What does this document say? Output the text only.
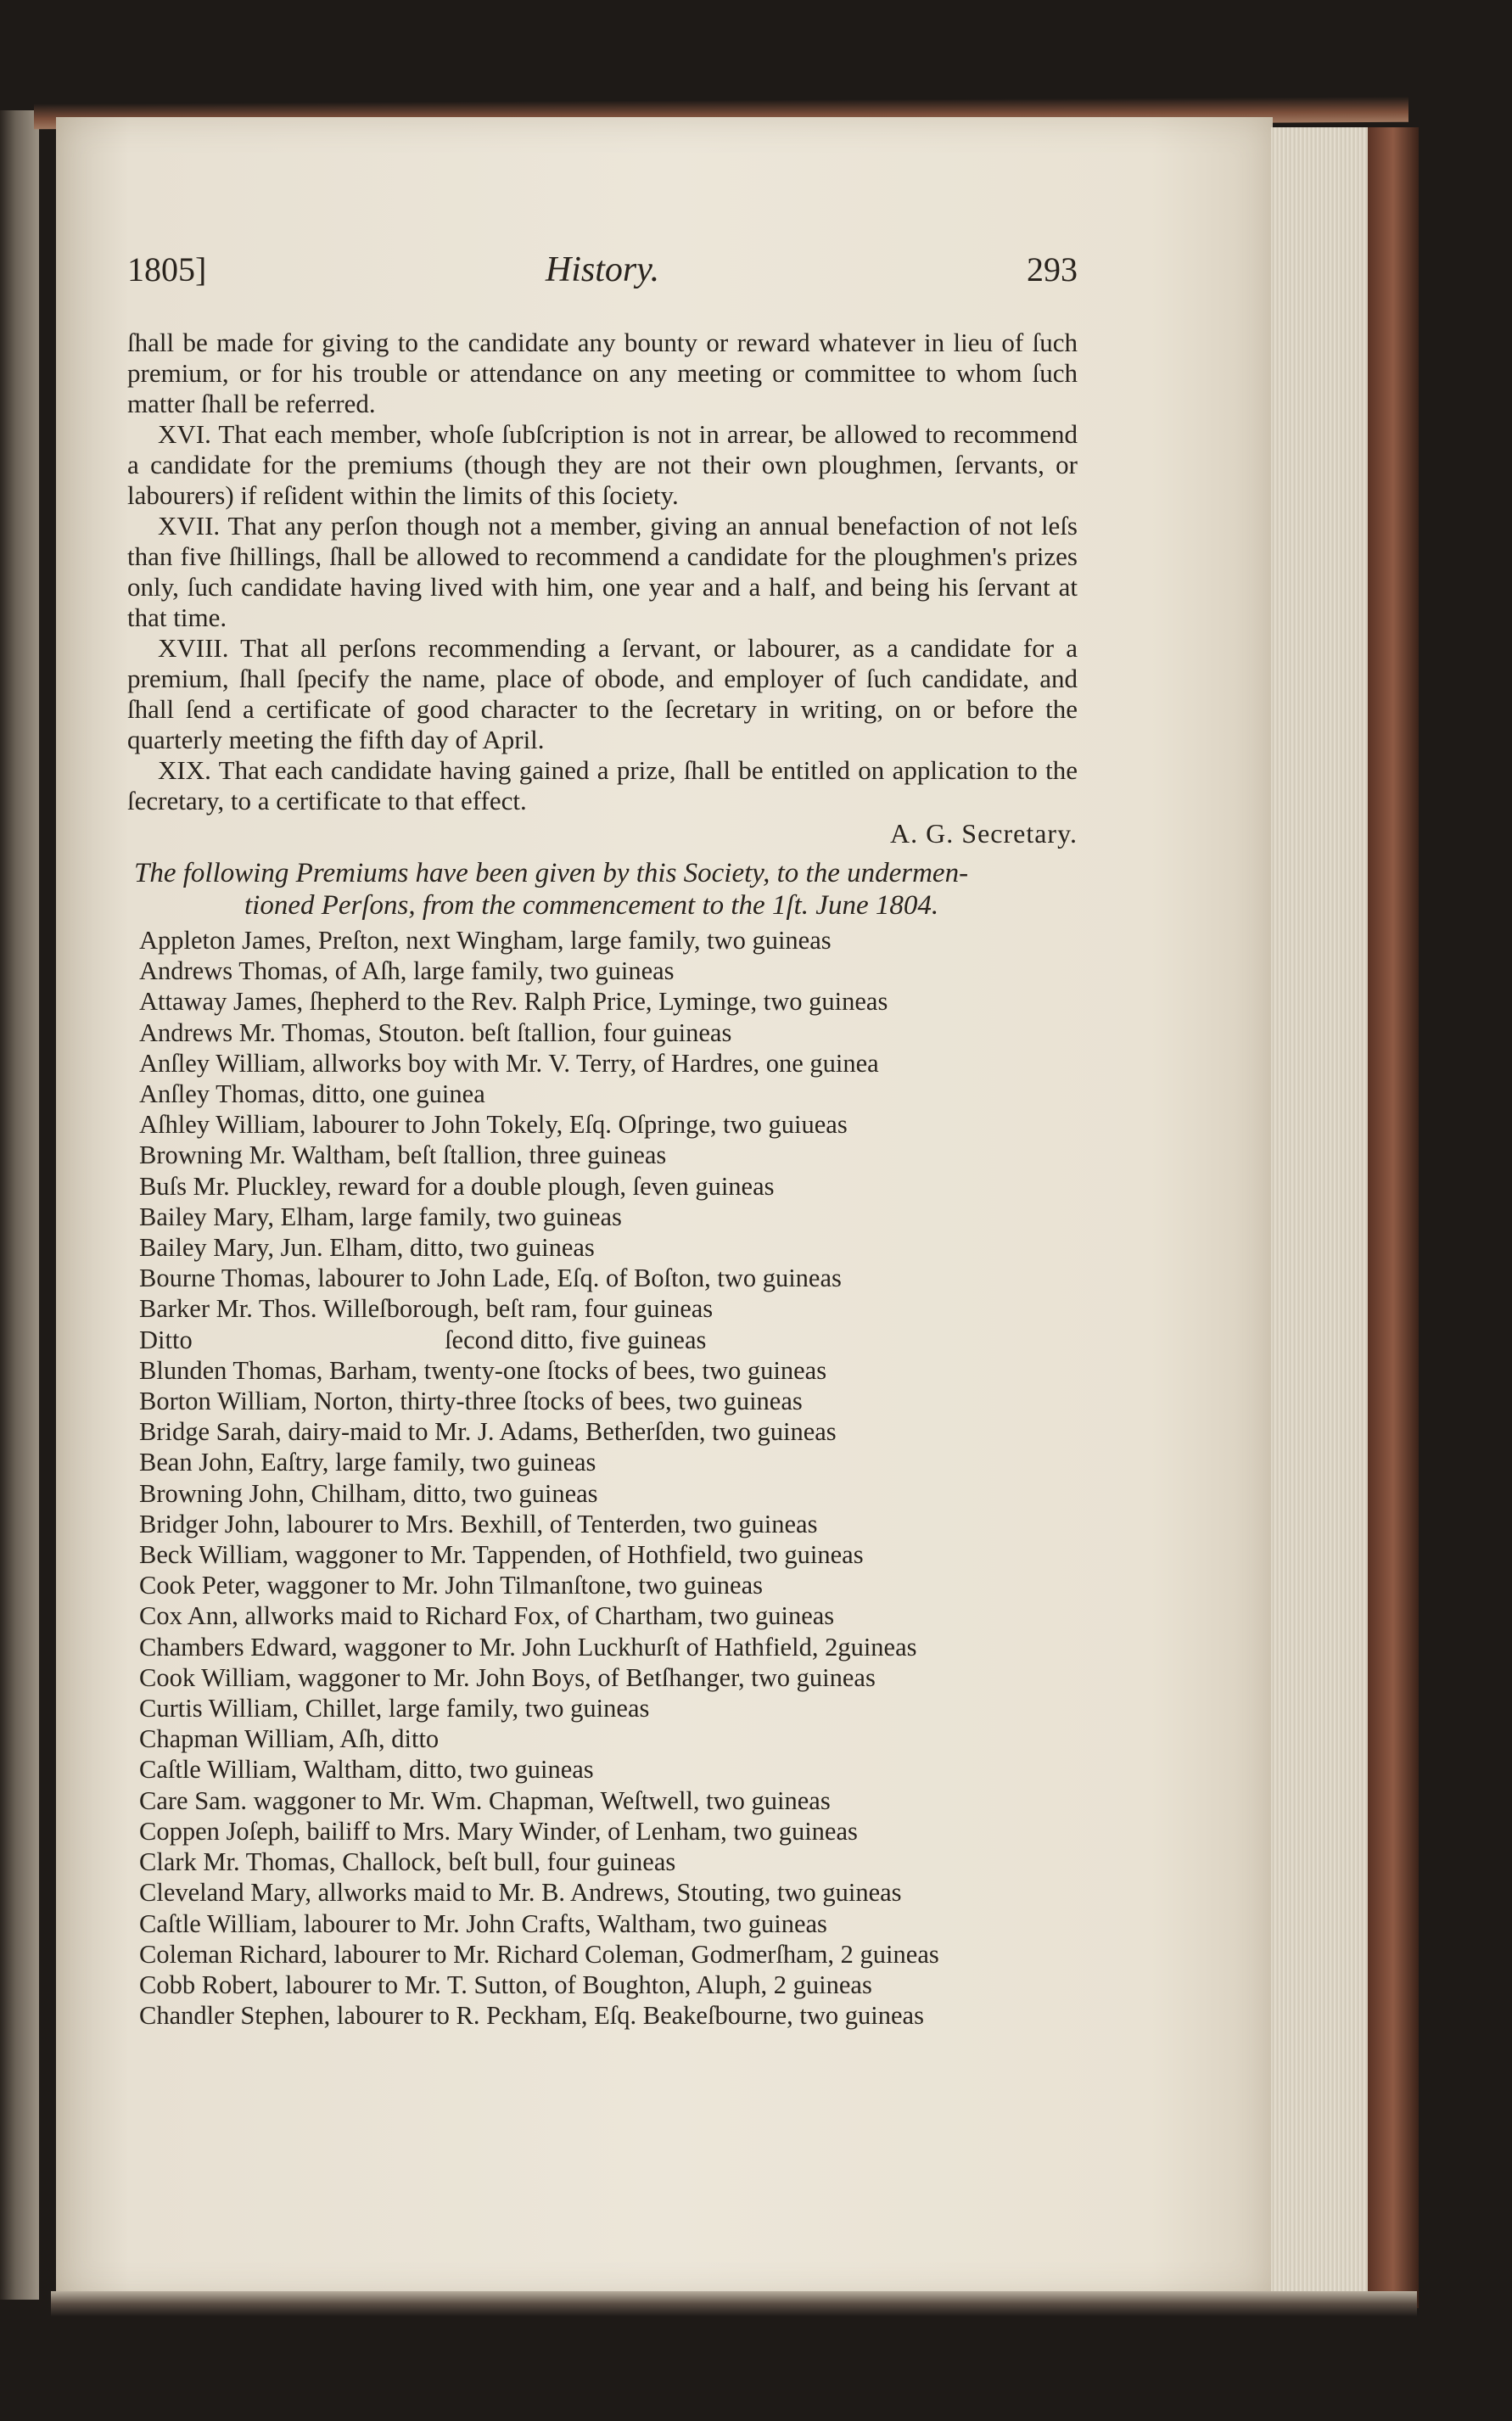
1805]	History.	293

ſhall be made for giving to the candidate any bounty or reward whatever in lieu of ſuch premium, or for his trouble or attendance on any meeting or committee to whom ſuch matter ſhall be referred.

XVI. That each member, whoſe ſubſcription is not in arrear, be allowed to recommend a candidate for the premiums (though they are not their own ploughmen, ſervants, or labourers) if reſident within the limits of this ſociety.

XVII. That any perſon though not a member, giving an annual benefaction of not leſs than five ſhillings, ſhall be allowed to recommend a candidate for the ploughmen's prizes only, ſuch candidate having lived with him, one year and a half, and being his ſervant at that time.

XVIII. That all perſons recommending a ſervant, or labourer, as a candidate for a premium, ſhall ſpecify the name, place of obode, and employer of ſuch candidate, and ſhall ſend a certificate of good character to the ſecretary in writing, on or before the quarterly meeting the fifth day of April.

XIX. That each candidate having gained a prize, ſhall be entitled on application to the ſecretary, to a certificate to that effect.

A. G. Secretary.
The following Premiums have been given by this Society, to the undermen-
tioned Perſons, from the commencement to the 1ſt. June 1804.
Appleton James, Preſton, next Wingham, large family, two guineas
Andrews Thomas, of Aſh, large family, two guineas
Attaway James, ſhepherd to the Rev. Ralph Price, Lyminge, two guineas
Andrews Mr. Thomas, Stouton. beſt ſtallion, four guineas
Anſley William, allworks boy with Mr. V. Terry, of Hardres, one guinea
Anſley Thomas, ditto, one guinea
Aſhley William, labourer to John Tokely, Eſq. Oſpringe, two guiueas
Browning Mr. Waltham, beſt ſtallion, three guineas
Buſs Mr. Pluckley, reward for a double plough, ſeven guineas
Bailey Mary, Elham, large family, two guineas
Bailey Mary, Jun. Elham, ditto, two guineas
Bourne Thomas, labourer to John Lade, Eſq. of Boſton, two guineas
Barker Mr. Thos. Willeſborough, beſt ram, four guineas
Ditto                                       ſecond ditto, five guineas
Blunden Thomas, Barham, twenty-one ſtocks of bees, two guineas
Borton William, Norton, thirty-three ſtocks of bees, two guineas
Bridge Sarah, dairy-maid to Mr. J. Adams, Betherſden, two guineas
Bean John, Eaſtry, large family, two guineas
Browning John, Chilham, ditto, two guineas
Bridger John, labourer to Mrs. Bexhill, of Tenterden, two guineas
Beck William, waggoner to Mr. Tappenden, of Hothfield, two guineas
Cook Peter, waggoner to Mr. John Tilmanſtone, two guineas
Cox Ann, allworks maid to Richard Fox, of Chartham, two guineas
Chambers Edward, waggoner to Mr. John Luckhurſt of Hathfield, 2guineas
Cook William, waggoner to Mr. John Boys, of Betſhanger, two guineas
Curtis William, Chillet, large family, two guineas
Chapman William, Aſh, ditto
Caſtle William, Waltham, ditto, two guineas
Care Sam. waggoner to Mr. Wm. Chapman, Weſtwell, two guineas
Coppen Joſeph, bailiff to Mrs. Mary Winder, of Lenham, two guineas
Clark Mr. Thomas, Challock, beſt bull, four guineas
Cleveland Mary, allworks maid to Mr. B. Andrews, Stouting, two guineas
Caſtle William, labourer to Mr. John Crafts, Waltham, two guineas
Coleman Richard, labourer to Mr. Richard Coleman, Godmerſham, 2 guineas
Cobb Robert, labourer to Mr. T. Sutton, of Boughton, Aluph, 2 guineas
Chandler Stephen, labourer to R. Peckham, Eſq. Beakeſbourne, two guineas
